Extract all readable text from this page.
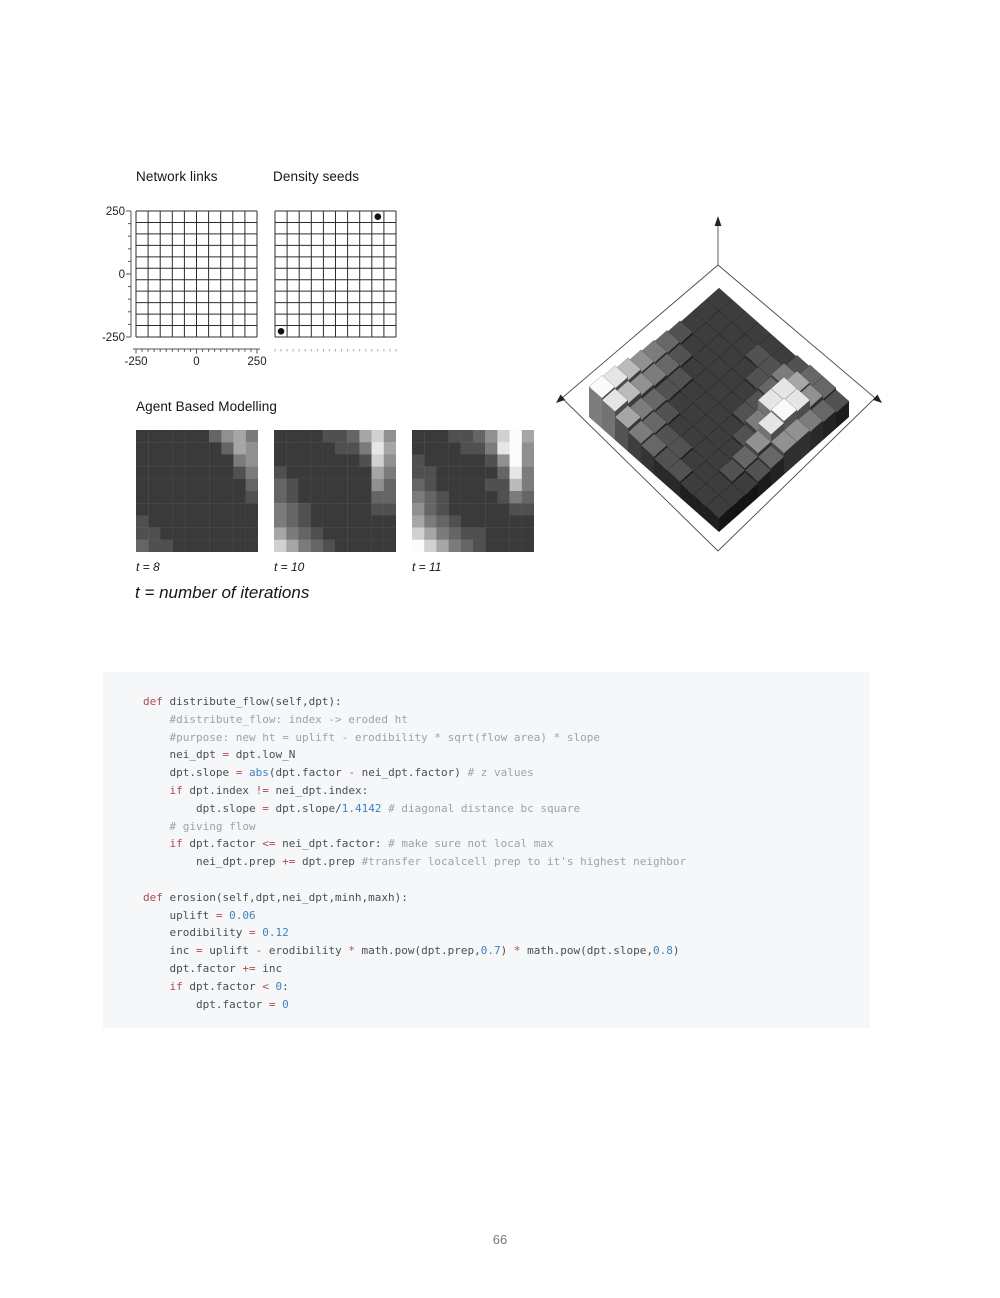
Network links	Density seeds
250
0
-250
-250	0	250
Agent Based Modelling
t = 8	t = 10	t = 11
t = number of iterations
def distribute_flow(self,dpt):
#distribute_flow: index -> eroded ht
#purpose: new ht = uplift - erodibility * sqrt(flow area) * slope
nei_dpt = dpt.low_N
dpt.slope = abs(dpt.factor - nei_dpt.factor) # z values
if dpt.index != nei_dpt.index:
dpt.slope = dpt.slope/1.4142 # diagonal distance bc square
# giving flow
if dpt.factor <= nei_dpt.factor: # make sure not local max
nei_dpt.prep += dpt.prep #transfer localcell prep to it's highest neighbor

def erosion(self,dpt,nei_dpt,minh,maxh):
uplift = 0.06
erodibility = 0.12
inc = uplift - erodibility * math.pow(dpt.prep,0.7) * math.pow(dpt.slope,0.8)
dpt.factor += inc
if dpt.factor < 0:
dpt.factor = 0
66
